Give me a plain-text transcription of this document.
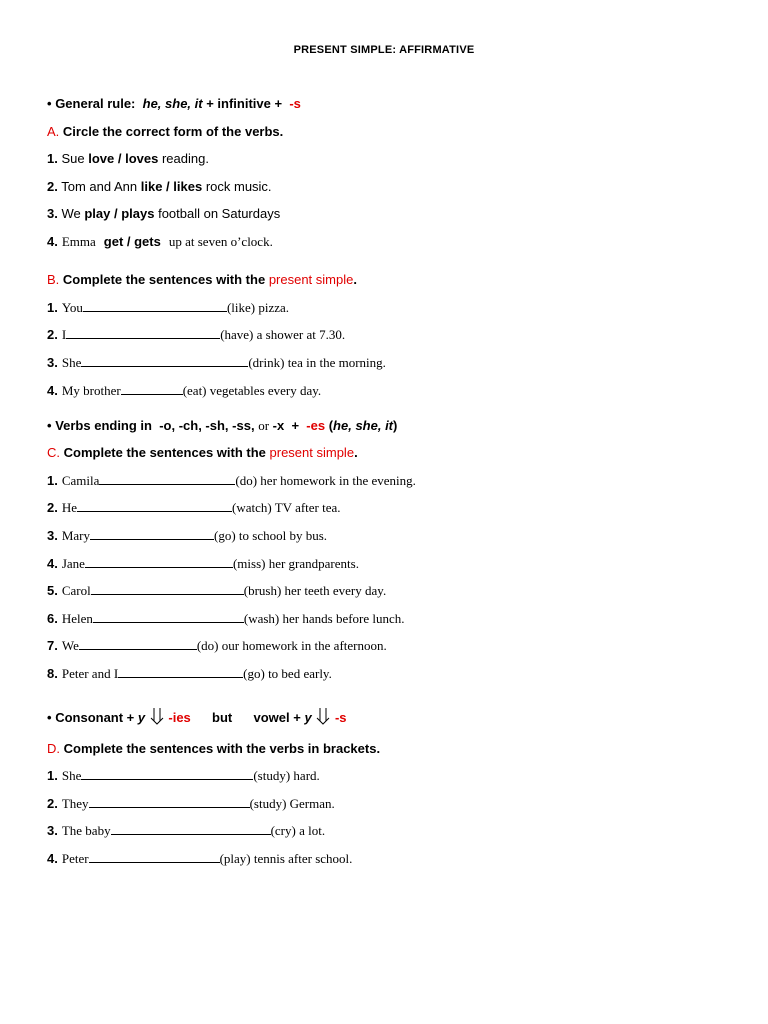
PRESENT SIMPLE: AFFIRMATIVE
• General rule: he, she, it + infinitive + -s
A. Circle the correct form of the verbs.
1. Sue love / loves reading.
2. Tom and Ann like / likes rock music.
3. We play / plays football on Saturdays
4. Emma get / gets up at seven o’clock.
B. Complete the sentences with the present simple.
1. You	(like) pizza.
2. I	(have) a shower at 7.30.
3. She	(drink) tea in the morning.
4. My brother	(eat) vegetables every day.
• Verbs ending in -o, -ch, -sh, -ss, or -x + -es (he, she, it)
C. Complete the sentences with the present simple.
1. Camila	(do) her homework in the evening.
2. He	(watch) TV after tea.
3. Mary	(go) to school by bus.
4. Jane	(miss) her grandparents.
5. Carol	(brush) her teeth every day.
6. Helen	(wash) her hands before lunch.
7. We	(do) our homework in the afternoon.
8. Peter and I	(go) to bed early.
• Consonant + y -ies but vowel + y -s
D. Complete the sentences with the verbs in brackets.
1. She	(study) hard.
2. They	(study) German.
3. The baby	(cry) a lot.
4. Peter	(play) tennis after school.
